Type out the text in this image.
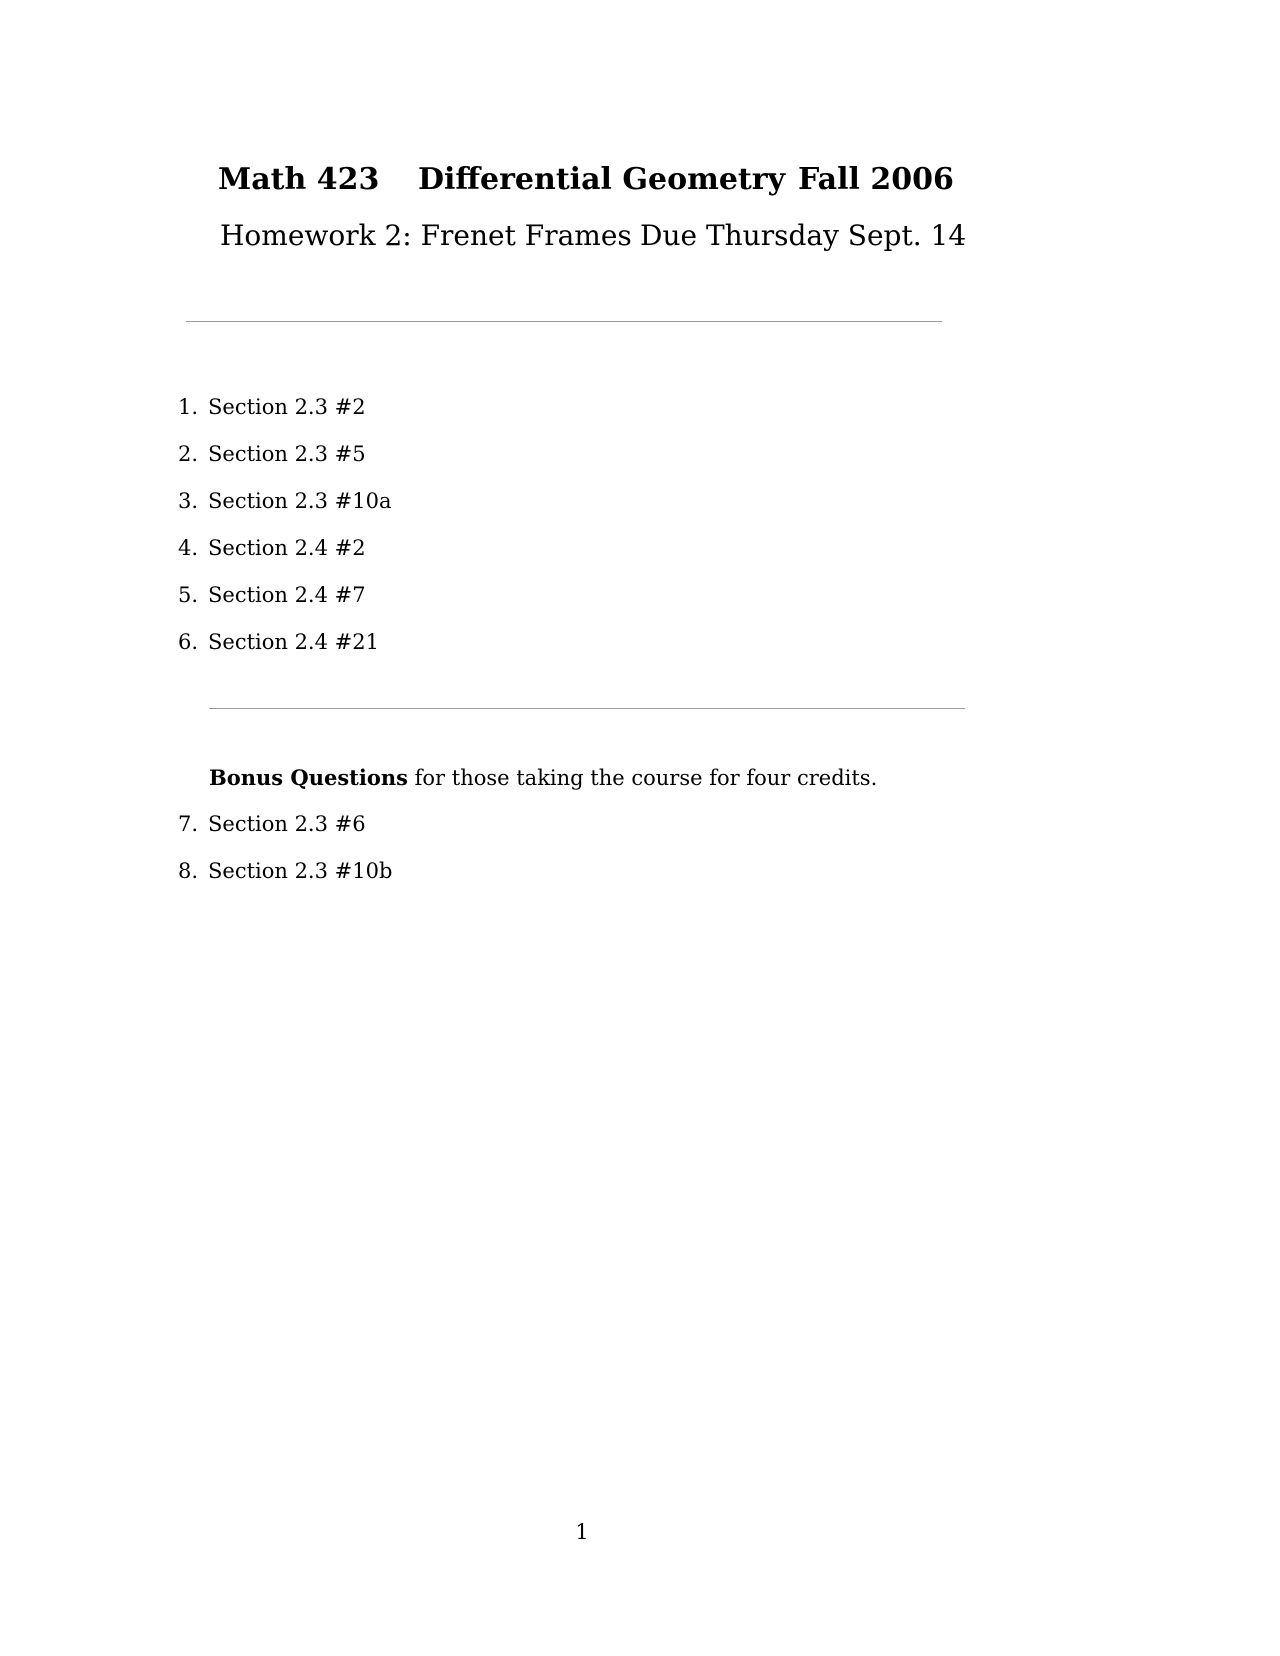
Math 423 Differential Geometry Fall 2006
Homework 2: Frenet Frames Due Thursday Sept. 14
1. Section 2.3 #2
2. Section 2.3 #5
3. Section 2.3 #10a
4. Section 2.4 #2
5. Section 2.4 #7
6. Section 2.4 #21
Bonus Questions for those taking the course for four credits.
7. Section 2.3 #6
8. Section 2.3 #10b
1
